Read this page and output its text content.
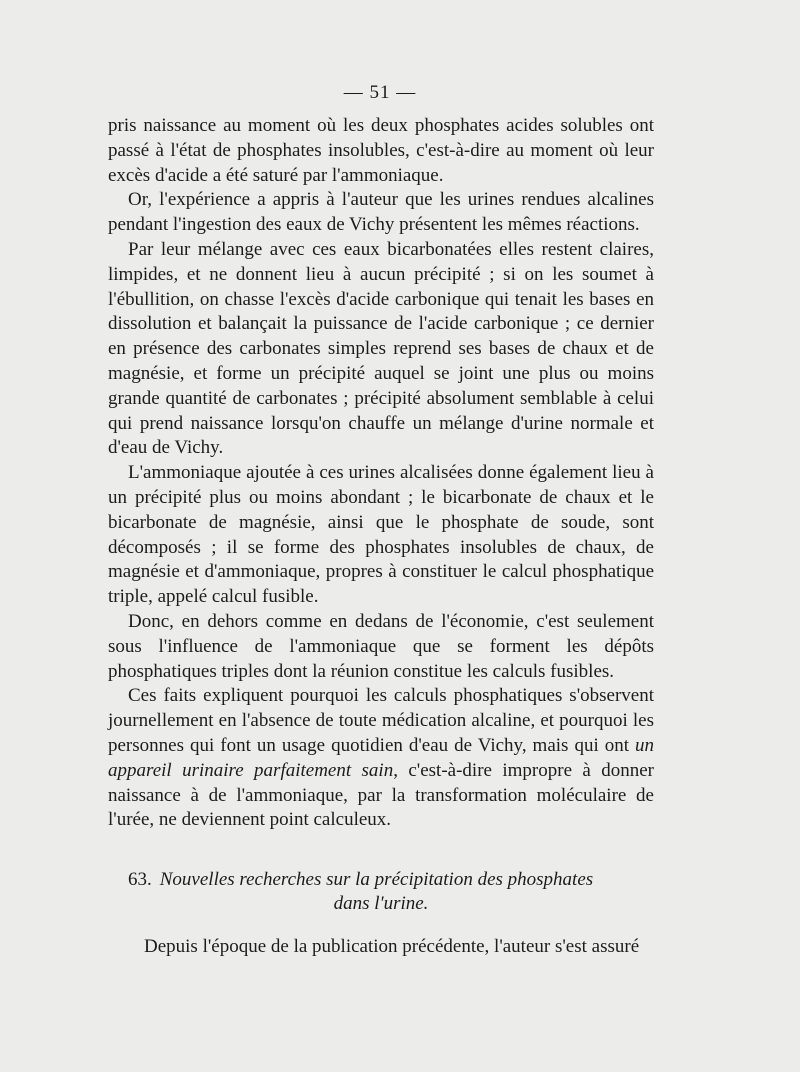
— 51 —

pris naissance au moment où les deux phosphates acides solubles ont passé à l'état de phosphates insolubles, c'est-à-dire au moment où leur excès d'acide a été saturé par l'ammoniaque.

Or, l'expérience a appris à l'auteur que les urines rendues alcalines pendant l'ingestion des eaux de Vichy présentent les mêmes réactions.

Par leur mélange avec ces eaux bicarbonatées elles restent claires, limpides, et ne donnent lieu à aucun précipité ; si on les soumet à l'ébullition, on chasse l'excès d'acide carbonique qui tenait les bases en dissolution et balançait la puissance de l'acide carbonique ; ce dernier en présence des carbonates simples reprend ses bases de chaux et de magnésie, et forme un précipité auquel se joint une plus ou moins grande quantité de carbonates ; précipité absolument semblable à celui qui prend naissance lorsqu'on chauffe un mélange d'urine normale et d'eau de Vichy.

L'ammoniaque ajoutée à ces urines alcalisées donne également lieu à un précipité plus ou moins abondant ; le bicarbonate de chaux et le bicarbonate de magnésie, ainsi que le phosphate de soude, sont décomposés ; il se forme des phosphates insolubles de chaux, de magnésie et d'ammoniaque, propres à constituer le calcul phosphatique triple, appelé calcul fusible.

Donc, en dehors comme en dedans de l'économie, c'est seulement sous l'influence de l'ammoniaque que se forment les dépôts phosphatiques triples dont la réunion constitue les calculs fusibles.

Ces faits expliquent pourquoi les calculs phosphatiques s'observent journellement en l'absence de toute médication alcaline, et pourquoi les personnes qui font un usage quotidien d'eau de Vichy, mais qui ont un appareil urinaire parfaitement sain, c'est-à-dire impropre à donner naissance à de l'ammoniaque, par la transformation moléculaire de l'urée, ne deviennent point calculeux.

63. Nouvelles recherches sur la précipitation des phosphates
dans l'urine.
Depuis l'époque de la publication précédente, l'auteur s'est assuré
